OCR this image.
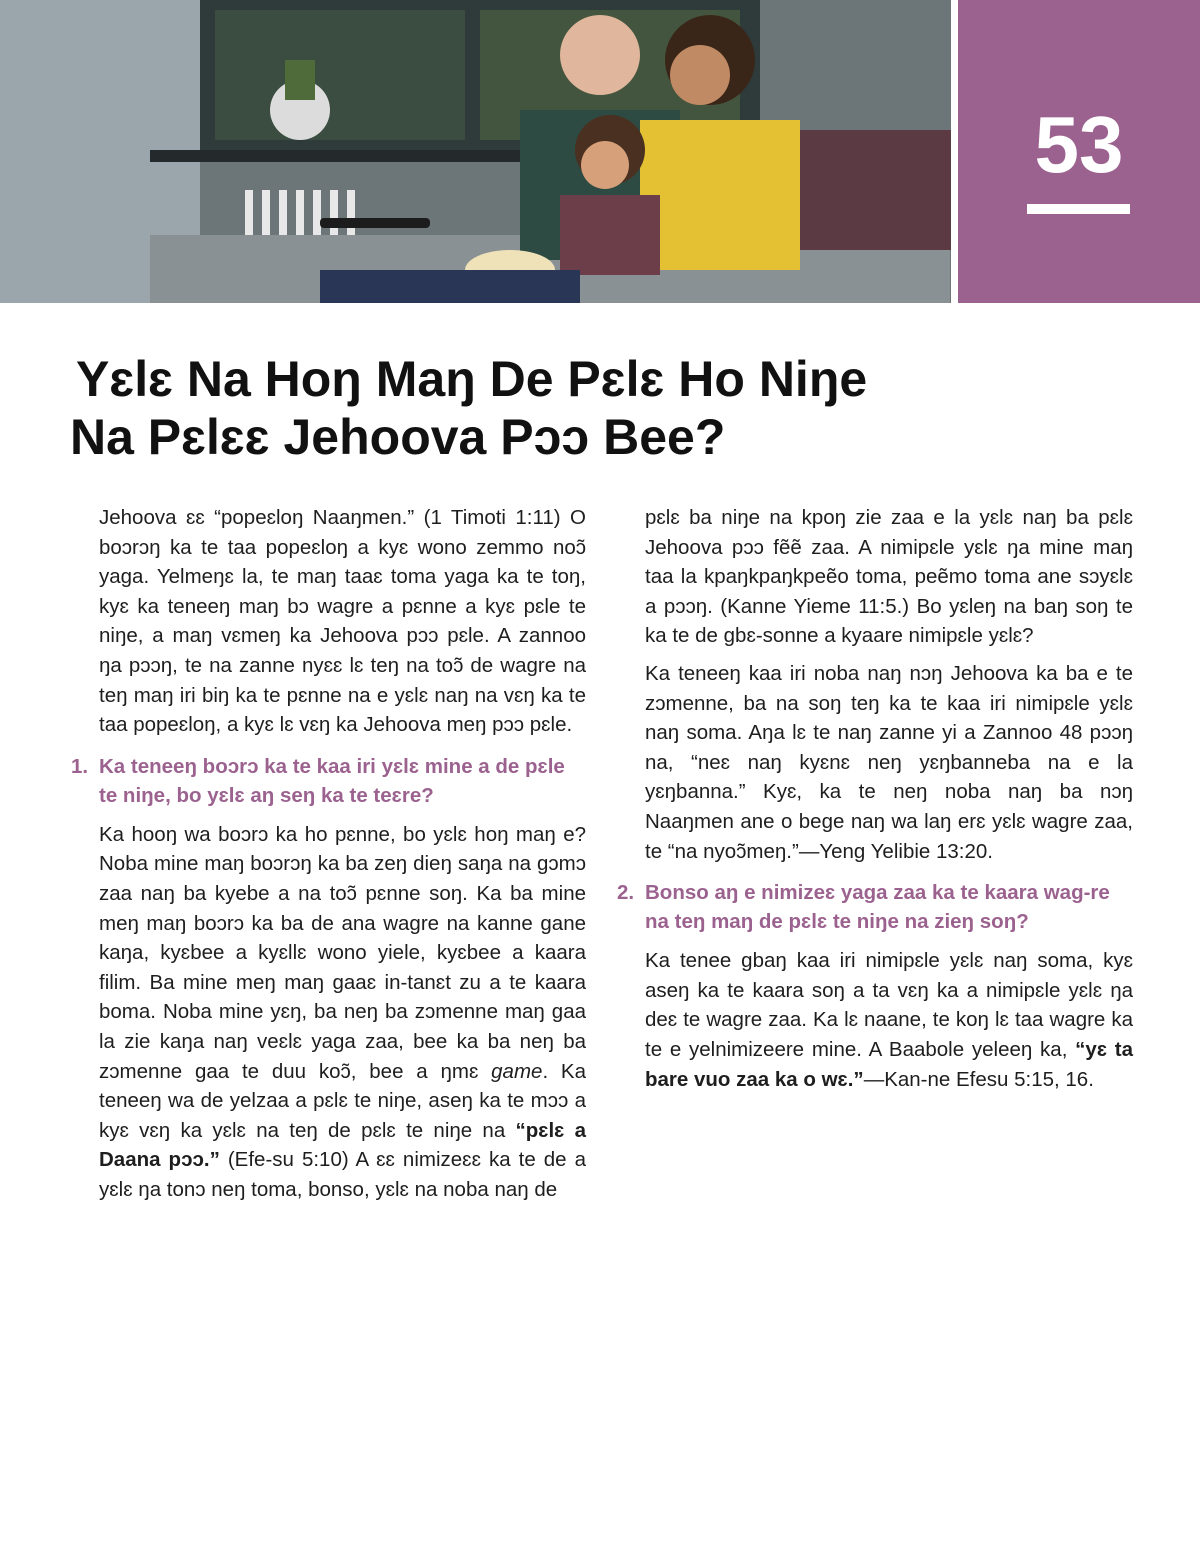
53
Yɛlɛ Na Hoŋ Maŋ De Pɛlɛ Ho Niŋe
Na Pɛlɛɛ Jehoova Pɔɔ Bee?

Jehoova ɛɛ “popeɛloŋ Naaŋmen.” (1 Timoti 1:11) O boɔrɔŋ ka te taa popeɛloŋ a kyɛ wono zemmo noɔ̃ yaga. Yelmeŋɛ la, te maŋ taaɛ toma yaga ka te toŋ, kyɛ ka teneeŋ maŋ bɔ wagre a pɛnne a kyɛ pɛle te niŋe, a maŋ vɛmeŋ ka Jehoova pɔɔ pɛle. A zannoo ŋa pɔɔŋ, te na zanne nyɛɛ lɛ teŋ na toɔ̃ de wagre na teŋ maŋ iri biŋ ka te pɛnne na e yɛlɛ naŋ na vɛŋ ka te taa popeɛloŋ, a kyɛ lɛ vɛŋ ka Jehoova meŋ pɔɔ pɛle.

1. Ka teneeŋ boɔrɔ ka te kaa iri yɛlɛ mine a de pɛle te niŋe, bo yɛlɛ aŋ seŋ ka te teɛre?

Ka hooŋ wa boɔrɔ ka ho pɛnne, bo yɛlɛ hoŋ maŋ e? Noba mine maŋ boɔrɔŋ ka ba zeŋ dieŋ saŋa na gɔmɔ zaa naŋ ba kyebe a na toɔ̃ pɛnne soŋ. Ka ba mine meŋ maŋ boɔrɔ ka ba de ana wagre na kanne gane kaŋa, kyɛbee a kyɛllɛ wono yiele, kyɛbee a kaara filim. Ba mine meŋ maŋ gaaɛ in-tanɛt zu a te kaara boma. Noba mine yɛŋ, ba neŋ ba zɔmenne maŋ gaa la zie kaŋa naŋ veɛlɛ yaga zaa, bee ka ba neŋ ba zɔmenne gaa te duu koɔ̃, bee a ŋmɛ game. Ka teneeŋ wa de yelzaa a pɛlɛ te niŋe, aseŋ ka te mɔɔ a kyɛ vɛŋ ka yɛlɛ na teŋ de pɛlɛ te niŋe na “pɛlɛ a Daana pɔɔ.” (Efe-su 5:10) A ɛɛ nimizeɛɛ ka te de a yɛlɛ ŋa tonɔ neŋ toma, bonso, yɛlɛ na noba naŋ de

pɛlɛ ba niŋe na kpoŋ zie zaa e la yɛlɛ naŋ ba pɛlɛ Jehoova pɔɔ fẽẽ zaa. A nimipɛle yɛlɛ ŋa mine maŋ taa la kpaŋkpaŋkpeẽo toma, peẽmo toma ane sɔyɛlɛ a pɔɔŋ. (Kanne Yieme 11:5.) Bo yɛleŋ na baŋ soŋ te ka te de gbɛ-sonne a kyaare nimipɛle yɛlɛ?

Ka teneeŋ kaa iri noba naŋ nɔŋ Jehoova ka ba e te zɔmenne, ba na soŋ teŋ ka te kaa iri nimipɛle yɛlɛ naŋ soma. Aŋa lɛ te naŋ zanne yi a Zannoo 48 pɔɔŋ na, “neɛ naŋ kyɛnɛ neŋ yɛŋbanneba na e la yɛŋbanna.” Kyɛ, ka te neŋ noba naŋ ba nɔŋ Naaŋmen ane o bege naŋ wa laŋ erɛ yɛlɛ wagre zaa, te “na nyoɔ̃meŋ.”—Yeng Yelibie 13:20.

2. Bonso aŋ e nimizeɛ yaga zaa ka te kaara wag-re na teŋ maŋ de pɛlɛ te niŋe na zieŋ soŋ?

Ka tenee gbaŋ kaa iri nimipɛle yɛlɛ naŋ soma, kyɛ aseŋ ka te kaara soŋ a ta vɛŋ ka a nimipɛle yɛlɛ ŋa deɛ te wagre zaa. Ka lɛ naane, te koŋ lɛ taa wagre ka te e yelnimizeere mine. A Baabole yeleeŋ ka, “yɛ ta bare vuo zaa ka o wɛ.”—Kan-ne Efesu 5:15, 16.
